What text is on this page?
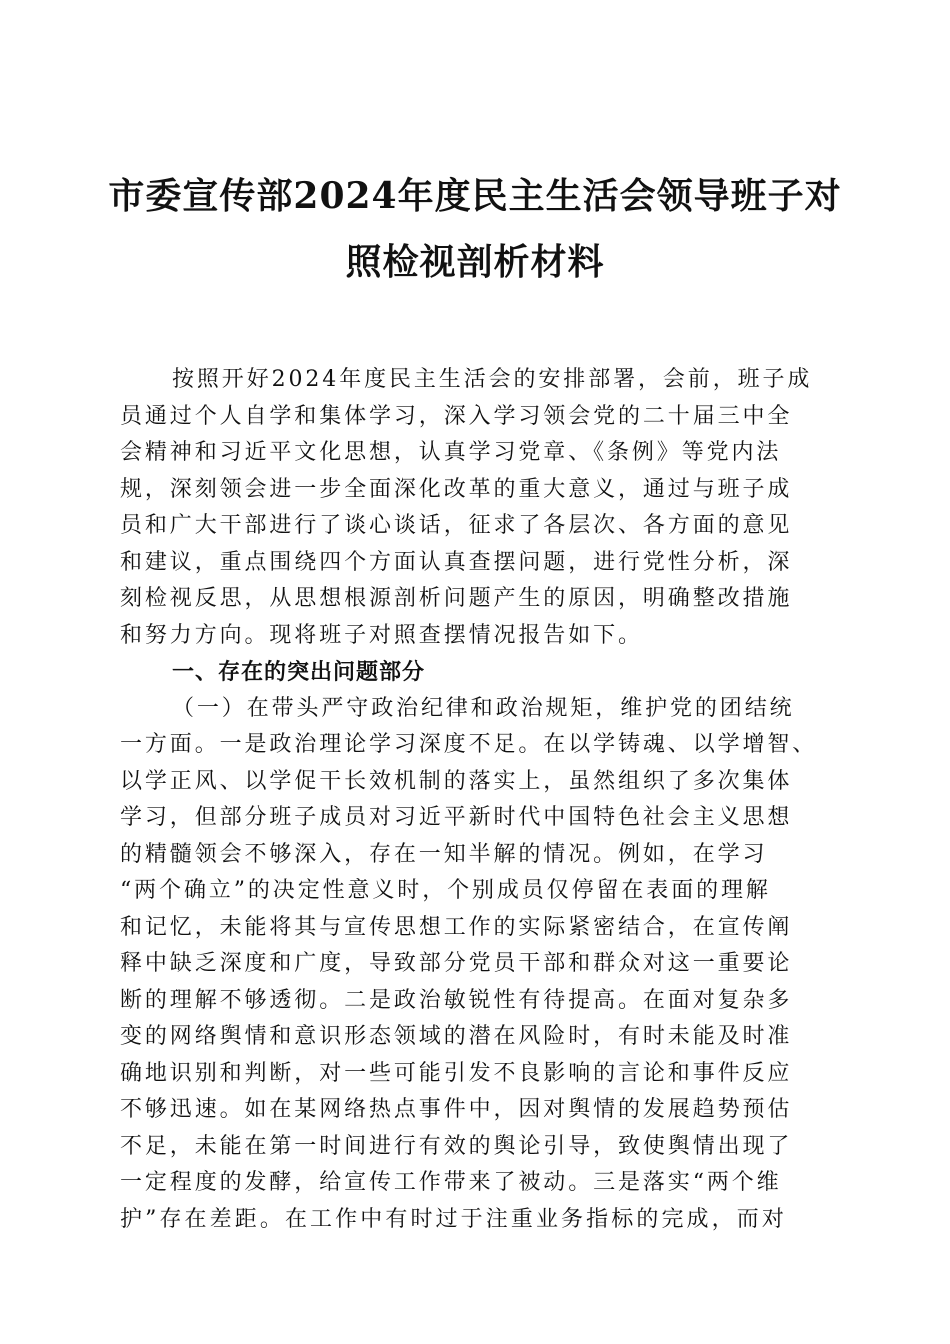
市委宣传部2024年度民主生活会领导班子对
照检视剖析材料
按照开好2024年度民主生活会的安排部署，会前，班子成
员通过个人自学和集体学习，深入学习领会党的二十届三中全
会精神和习近平文化思想，认真学习党章、《条例》等党内法
规，深刻领会进一步全面深化改革的重大意义，通过与班子成
员和广大干部进行了谈心谈话，征求了各层次、各方面的意见
和建议，重点围绕四个方面认真查摆问题，进行党性分析，深
刻检视反思，从思想根源剖析问题产生的原因，明确整改措施
和努力方向。现将班子对照查摆情况报告如下。
一、存在的突出问题部分
（一）在带头严守政治纪律和政治规矩，维护党的团结统
一方面。一是政治理论学习深度不足。在以学铸魂、以学增智、
以学正风、以学促干长效机制的落实上，虽然组织了多次集体
学习，但部分班子成员对习近平新时代中国特色社会主义思想
的精髓领会不够深入，存在一知半解的情况。例如，在学习
“两个确立”的决定性意义时，个别成员仅停留在表面的理解
和记忆，未能将其与宣传思想工作的实际紧密结合，在宣传阐
释中缺乏深度和广度，导致部分党员干部和群众对这一重要论
断的理解不够透彻。二是政治敏锐性有待提高。在面对复杂多
变的网络舆情和意识形态领域的潜在风险时，有时未能及时准
确地识别和判断，对一些可能引发不良影响的言论和事件反应
不够迅速。如在某网络热点事件中，因对舆情的发展趋势预估
不足，未能在第一时间进行有效的舆论引导，致使舆情出现了
一定程度的发酵，给宣传工作带来了被动。三是落实“两个维
护”存在差距。在工作中有时过于注重业务指标的完成，而对
